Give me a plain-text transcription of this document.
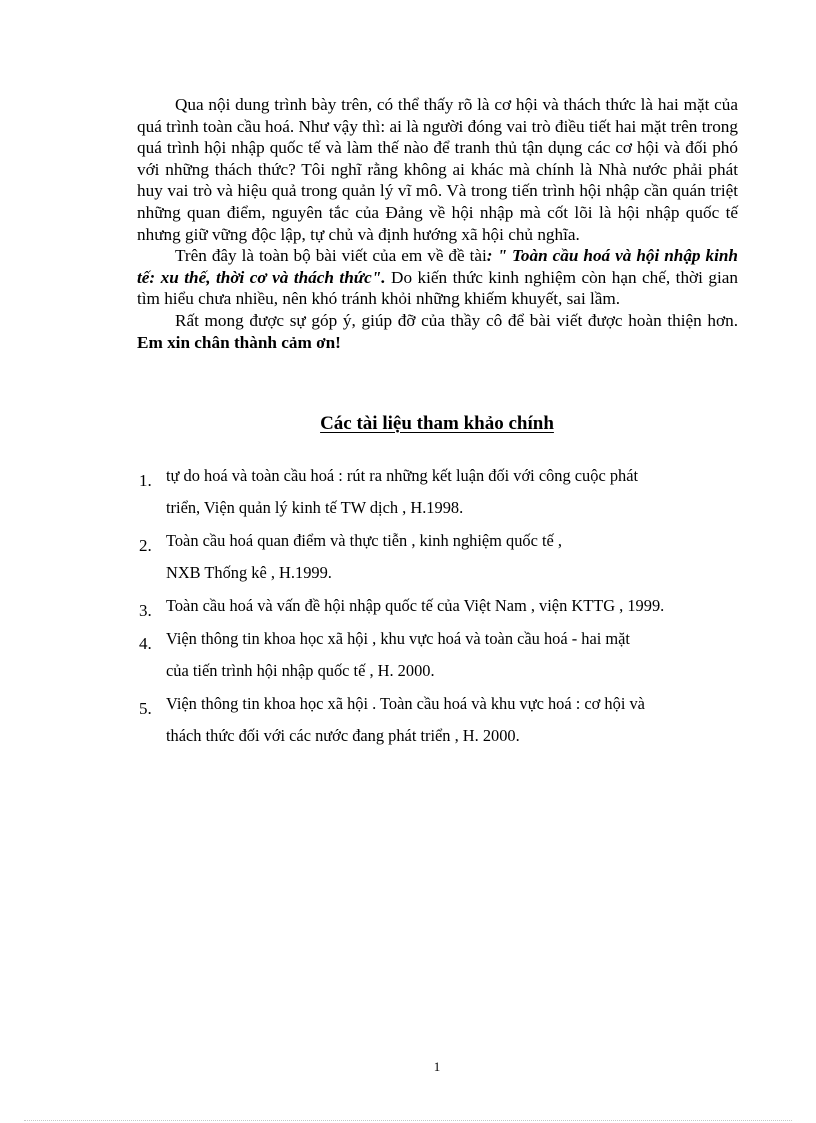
Qua nội dung trình bày trên, có thể thấy rõ là cơ hội và thách thức là hai mặt của quá trình toàn cầu hoá. Như vậy thì: ai là người đóng vai trò điều tiết hai mặt trên trong quá trình hội nhập quốc tế và làm thế nào để tranh thủ tận dụng các cơ hội và đối phó với những thách thức? Tôi nghĩ rằng không ai khác mà chính là Nhà nước phải phát huy vai trò và hiệu quả trong quản lý vĩ mô. Và trong tiến trình hội nhập cần quán triệt những quan điểm, nguyên tắc của Đảng về hội nhập mà cốt lõi là hội nhập quốc tế nhưng giữ vững độc lập, tự chủ và định hướng xã hội chủ nghĩa.

Trên đây là toàn bộ bài viết của em về đề tài: " Toàn cầu hoá và hội nhập kinh tế: xu thế, thời cơ và thách thức". Do kiến thức kinh nghiệm còn hạn chế, thời gian tìm hiểu chưa nhiều, nên khó tránh khỏi những khiếm khuyết, sai lầm.

Rất mong được sự góp ý, giúp đỡ của thầy cô để bài viết được hoàn thiện hơn. Em xin chân thành cảm ơn!

Các tài liệu tham khảo chính
1. tự do hoá và toàn cầu hoá : rút ra những kết luận đối với công cuộc phát
triển, Viện quản lý kinh tế TW dịch , H.1998.
2. Toàn cầu hoá quan điểm và thực tiễn , kinh nghiệm quốc tế ,
NXB Thống kê , H.1999.
3. Toàn cầu hoá và vấn đề hội nhập quốc tế của Việt Nam , viện KTTG , 1999.
4. Viện thông tin khoa học xã hội , khu vực hoá và toàn cầu hoá - hai mặt
của tiến trình hội nhập quốc tế , H. 2000.
5. Viện thông tin khoa học xã hội . Toàn cầu hoá và khu vực hoá : cơ hội và
thách thức đối với các nước đang phát triển , H. 2000.
1
